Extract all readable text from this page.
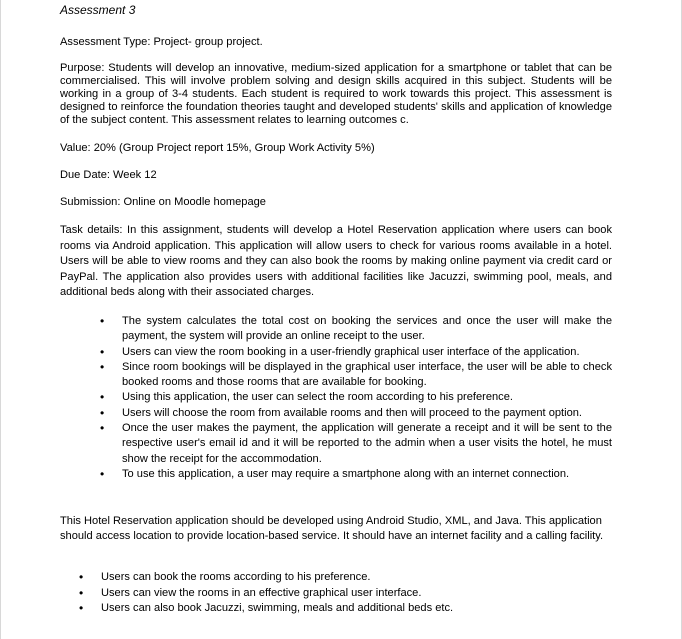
Assessment 3

Assessment Type: Project- group project.

Purpose: Students will develop an innovative, medium-sized application for a smartphone or tablet that can be commercialised. This will involve problem solving and design skills acquired in this subject. Students will be working in a group of 3-4 students. Each student is required to work towards this project. This assessment is designed to reinforce the foundation theories taught and developed students' skills and application of knowledge of the subject content. This assessment relates to learning outcomes c.

Value: 20% (Group Project report 15%, Group Work Activity 5%)

Due Date: Week 12

Submission: Online on Moodle homepage

Task details: In this assignment, students will develop a Hotel Reservation application where users can book rooms via Android application. This application will allow users to check for various rooms available in a hotel. Users will be able to view rooms and they can also book the rooms by making online payment via credit card or PayPal. The application also provides users with additional facilities like Jacuzzi, swimming pool, meals, and additional beds along with their associated charges.

• The system calculates the total cost on booking the services and once the user will make the payment, the system will provide an online receipt to the user.
• Users can view the room booking in a user-friendly graphical user interface of the application.
• Since room bookings will be displayed in the graphical user interface, the user will be able to check booked rooms and those rooms that are available for booking.
• Using this application, the user can select the room according to his preference.
• Users will choose the room from available rooms and then will proceed to the payment option.
• Once the user makes the payment, the application will generate a receipt and it will be sent to the respective user's email id and it will be reported to the admin when a user visits the hotel, he must show the receipt for the accommodation.
• To use this application, a user may require a smartphone along with an internet connection.

This Hotel Reservation application should be developed using Android Studio, XML, and Java. This application should access location to provide location-based service. It should have an internet facility and a calling facility.

• Users can book the rooms according to his preference.
• Users can view the rooms in an effective graphical user interface.
• Users can also book Jacuzzi, swimming, meals and additional beds etc.
